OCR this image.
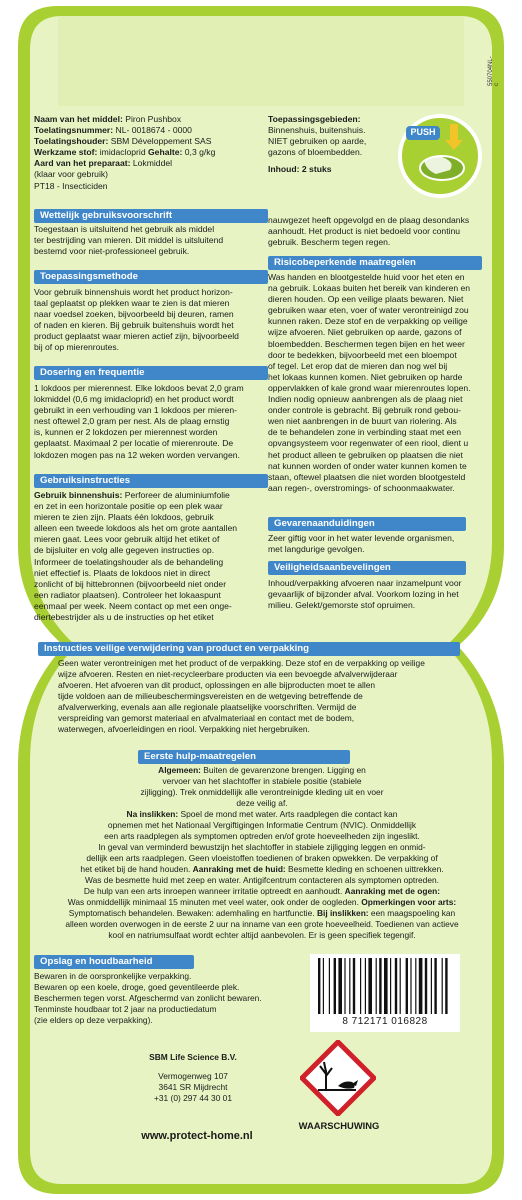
550704NL-c
PUSH
Naam van het middel: Piron Pushbox
Toelatingsnummer: NL- 0018674 - 0000
Toelatingshouder: SBM Développement SAS
Werkzame stof: imidacloprid Gehalte: 0,3 g/kg
Aard van het preparaat: Lokmiddel
(klaar voor gebruik)
PT18 - Insecticiden
Toepassingsgebieden:
Binnenshuis, buitenshuis.
NIET gebruiken op aarde,
gazons of bloembedden.
Inhoud: 2 stuks
Wettelijk gebruiksvoorschrift
Toegestaan is uitsluitend het gebruik als middel
ter bestrijding van mieren. Dit middel is uitsluitend
bestemd voor niet-professioneel gebruik.
Toepassingsmethode
Voor gebruik binnenshuis wordt het product horizon-
taal geplaatst op plekken waar te zien is dat mieren
naar voedsel zoeken, bijvoorbeeld bij deuren, ramen
of naden en kieren. Bij gebruik buitenshuis wordt het
product geplaatst waar mieren actief zijn, bijvoorbeeld
bij of op mierenroutes.
Dosering en frequentie
1 lokdoos per mierennest. Elke lokdoos bevat 2,0 gram
lokmiddel (0,6 mg imidacloprid) en het product wordt
gebruikt in een verhouding van 1 lokdoos per mieren-
nest oftewel 2,0 gram per nest. Als de plaag ernstig
is, kunnen er 2 lokdozen per mierennest worden
geplaatst. Maximaal 2 per locatie of mierenroute. De
lokdozen mogen pas na 12 weken worden vervangen.
Gebruiksinstructies
Gebruik binnenshuis: Perforeer de aluminiumfolie
en zet in een horizontale positie op een plek waar
mieren te zien zijn. Plaats één lokdoos, gebruik
alleen een tweede lokdoos als het om grote aantallen
mieren gaat. Lees voor gebruik altijd het etiket of
de bijsluiter en volg alle gegeven instructies op.
Informeer de toelatingshouder als de behandeling
niet effectief is. Plaats de lokdoos niet in direct
zonlicht of bij hittebronnen (bijvoorbeeld niet onder
een radiator plaatsen). Controleer het lokaaspunt
eenmaal per week. Neem contact op met een onge-
diertebestrijder als u de instructies op het etiket
nauwgezet heeft opgevolgd en de plaag desondanks
aanhoudt. Het product is niet bedoeld voor continu
gebruik. Bescherm tegen regen.
Risicobeperkende maatregelen
Was handen en blootgestelde huid voor het eten en
na gebruik. Lokaas buiten het bereik van kinderen en
dieren houden. Op een veilige plaats bewaren. Niet
gebruiken waar eten, voer of water verontreinigd zou
kunnen raken. Deze stof en de verpakking op veilige
wijze afvoeren. Niet gebruiken op aarde, gazons of
bloembedden. Beschermen tegen bijen en het weer
door te bedekken, bijvoorbeeld met een bloempot
of tegel. Let erop dat de mieren dan nog wel bij
het lokaas kunnen komen. Niet gebruiken op harde
oppervlakken of kale grond waar mierenroutes lopen.
Indien nodig opnieuw aanbrengen als de plaag niet
onder controle is gebracht. Bij gebruik rond gebou-
wen niet aanbrengen in de buurt van riolering. Als
de te behandelen zone in verbinding staat met een
opvangsysteem voor regenwater of een riool, dient u
het product alleen te gebruiken op plaatsen die niet
nat kunnen worden of onder water kunnen komen te
staan, oftewel plaatsen die niet worden blootgesteld
aan regen-, overstromings- of schoonmaakwater.
Gevarenaanduidingen
Zeer giftig voor in het water levende organismen,
met langdurige gevolgen.
Veiligheidsaanbevelingen
Inhoud/verpakking afvoeren naar inzamelpunt voor
gevaarlijk of bijzonder afval. Voorkom lozing in het
milieu. Gelekt/gemorste stof opruimen.
Instructies veilige verwijdering van product en verpakking
Geen water verontreinigen met het product of de verpakking. Deze stof en de verpakking op veilige
wijze afvoeren. Resten en niet-recycleerbare producten via een bevoegde afvalverwijderaar
afvoeren. Het afvoeren van dit product, oplossingen en alle bijproducten moet te allen
tijde voldoen aan de milieubeschermingsvereisten en de wetgeving betreffende de
afvalverwerking, evenals aan alle regionale plaatselijke voorschriften. Vermijd de
verspreiding van gemorst materiaal en afvalmateriaal en contact met de bodem,
waterwegen, afvoerleidingen en riool. Verpakking niet hergebruiken.
Eerste hulp-maatregelen
Algemeen: Buiten de gevarenzone brengen. Ligging en
vervoer van het slachtoffer in stabiele positie (stabiele
zijligging). Trek onmiddellijk alle verontreinigde kleding uit en voer
deze veilig af.
Na inslikken: Spoel de mond met water. Arts raadplegen die contact kan
opnemen met het Nationaal Vergiftigingen Informatie Centrum (NVIC). Onmiddellijk
een arts raadplegen als symptomen optreden en/of grote hoeveelheden zijn ingeslikt.
In geval van verminderd bewustzijn het slachtoffer in stabiele zijligging leggen en onmid-
dellijk een arts raadplegen. Geen vloeistoffen toedienen of braken opwekken. De verpakking of
het etiket bij de hand houden. Aanraking met de huid: Besmette kleding en schoenen uittrekken.
Was de besmette huid met zeep en water. Antigifcentrum contacteren als symptomen optreden.
De hulp van een arts inroepen wanneer irritatie optreedt en aanhoudt. Aanraking met de ogen:
Was onmiddellijk minimaal 15 minuten met veel water, ook onder de oogleden. Opmerkingen voor arts:
Symptomatisch behandelen. Bewaken: ademhaling en hartfunctie. Bij inslikken: een maagspoeling kan
alleen worden overwogen in de eerste 2 uur na inname van een grote hoeveelheid. Toedienen van actieve
kool en natriumsulfaat wordt echter altijd aanbevolen. Er is geen specifiek tegengif.
Opslag en houdbaarheid
Bewaren in de oorspronkelijke verpakking.
Bewaren op een koele, droge, goed geventileerde plek.
Beschermen tegen vorst. Afgeschermd van zonlicht bewaren.
Tenminste houdbaar tot 2 jaar na productiedatum
(zie elders op deze verpakking).	8 712171 016828
SBM Life Science B.V.
Vermogenweg 107
3641 SR Mijdrecht
+31 (0) 297 44 30 01
www.protect-home.nl
WAARSCHUWING
